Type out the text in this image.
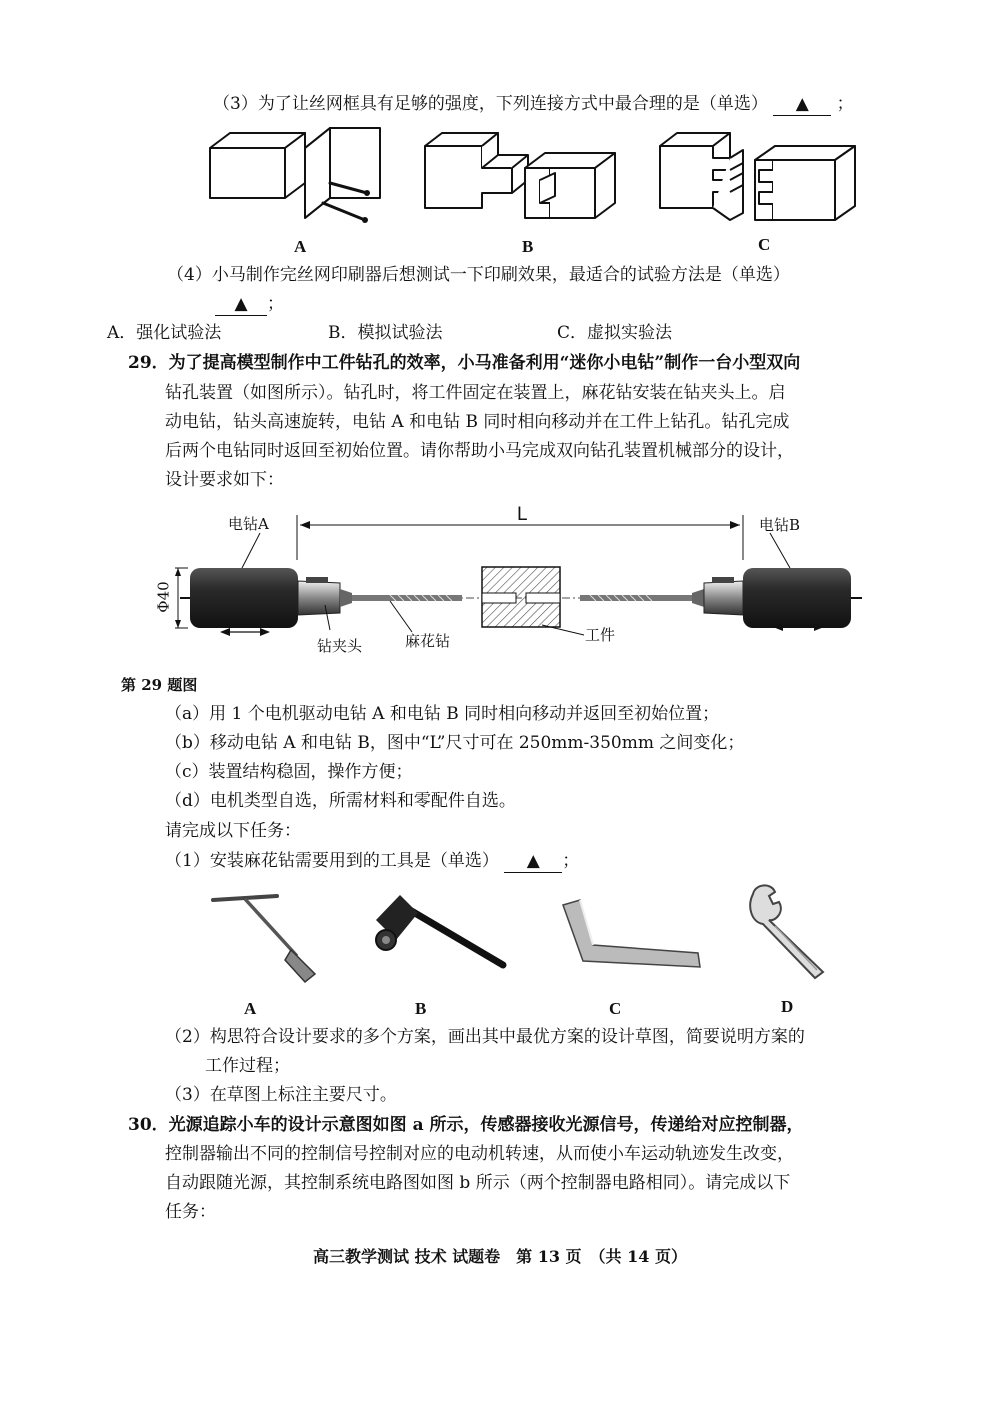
（3）为了让丝网框具有足够的强度，下列连接方式中最合理的是（单选） ▲ ；
A	B	C
（4）小马制作完丝网印刷器后想测试一下印刷效果，最适合的试验方法是（单选）
▲ ；
A．强化试验法	B．模拟试验法	C．虚拟实验法
29．为了提高模型制作中工件钻孔的效率，小马准备利用“迷你小电钻”制作一台小型双向
钻孔装置（如图所示）。钻孔时，将工件固定在装置上，麻花钻安装在钻夹头上。启
动电钻，钻头高速旋转，电钻 A 和电钻 B 同时相向移动并在工件上钻孔。钻孔完成
后两个电钻同时返回至初始位置。请你帮助小马完成双向钻孔装置机械部分的设计，
设计要求如下：
电钻A	电钻B
L
Φ40
钻夹头	麻花钻	工件
第 29 题图
（a）用 1 个电机驱动电钻 A 和电钻 B 同时相向移动并返回至初始位置；
（b）移动电钻 A 和电钻 B，图中“L”尺寸可在 250mm-350mm 之间变化；
（c）装置结构稳固，操作方便；
（d）电机类型自选，所需材料和零配件自选。
请完成以下任务：
（1）安装麻花钻需要用到的工具是（单选） ▲ ；
A	B	C	D
（2）构思符合设计要求的多个方案，画出其中最优方案的设计草图，简要说明方案的
工作过程；
（3）在草图上标注主要尺寸。
30．光源追踪小车的设计示意图如图 a 所示，传感器接收光源信号，传递给对应控制器，
控制器输出不同的控制信号控制对应的电动机转速，从而使小车运动轨迹发生改变，
自动跟随光源，其控制系统电路图如图 b 所示（两个控制器电路相同）。请完成以下
任务：
高三教学测试 技术 试题卷　第 13 页　（共 14 页）
